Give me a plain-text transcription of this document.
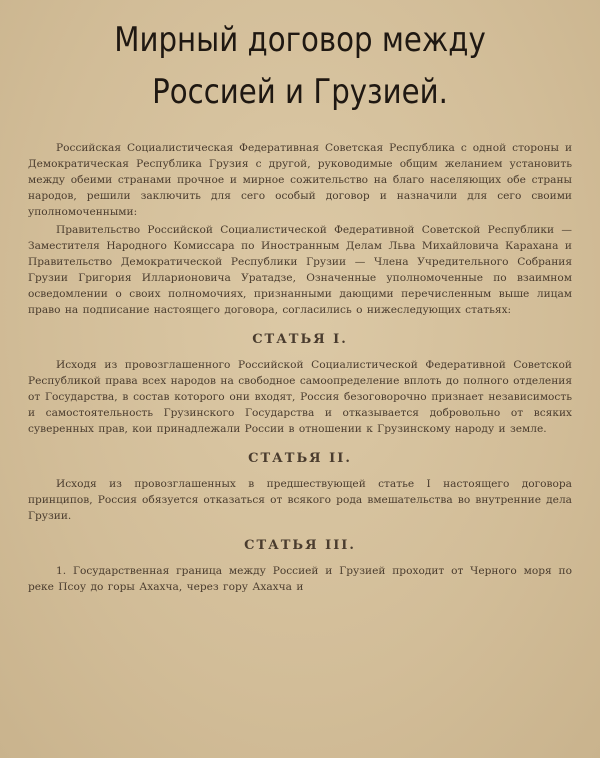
Мирный договор между Россией и Грузией.

Российская Социалистическая Федеративная Советская Республика с одной стороны и Демократическая Республика Грузия с другой, руководимые общим желанием установить между обеими странами прочное и мирное сожительство на благо населяющих обе страны народов, решили заключить для сего особый договор и назначили для сего своими уполномоченными:

Правительство Российской Социалистической Федеративной Советской Республики — Заместителя Народного Комиссара по Иностранным Делам Льва Михайловича Карахана и Правительство Демократической Республики Грузии — Члена Учредительного Собрания Грузии Григория Илларионовича Уратадзе, Означенные уполномоченные по взаимном осведомлении о своих полномочиях, признанными дающими перечисленным выше лицам право на подписание настоящего договора, согласились о нижеследующих статьях:

СТАТЬЯ I.

Исходя из провозглашенного Российской Социалистической Федеративной Советской Республикой права всех народов на свободное самоопределение вплоть до полного отделения от Государства, в состав которого они входят, Россия безоговорочно признает независимость и самостоятельность Грузинского Государства и отказывается добровольно от всяких суверенных прав, кои принадлежали России в отношении к Грузинскому народу и земле.

СТАТЬЯ II.

Исходя из провозглашенных в предшествующей статье I настоящего договора принципов, Россия обязуется отказаться от всякого рода вмешательства во внутренние дела Грузии.

СТАТЬЯ III.

1. Государственная граница между Россией и Грузией проходит от Черного моря по реке Псоу до горы Ахахча, через гору Ахахча и
